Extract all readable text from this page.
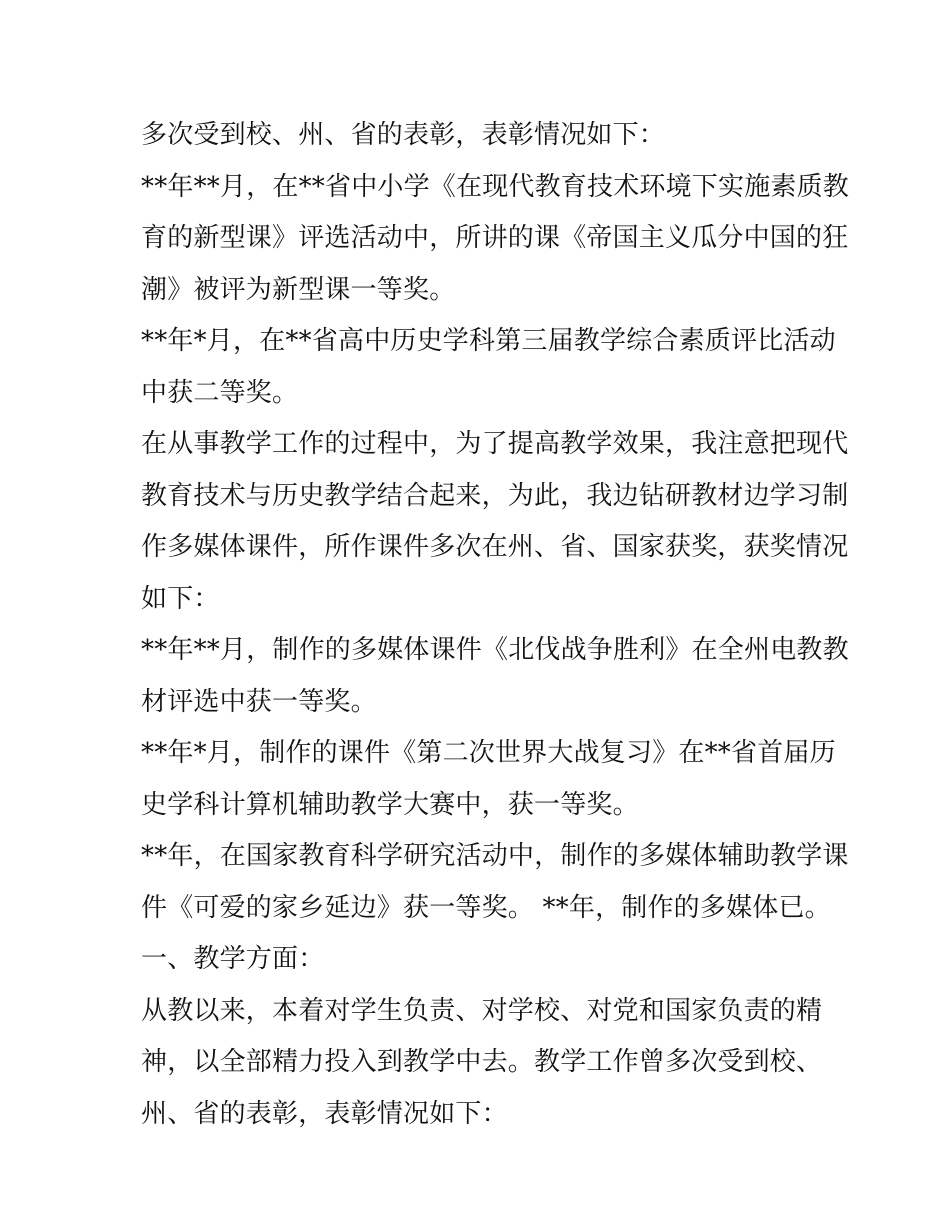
多次受到校、州、省的表彰，表彰情况如下：
**年**月，在**省中小学《在现代教育技术环境下实施素质教
育的新型课》评选活动中，所讲的课《帝国主义瓜分中国的狂
潮》被评为新型课一等奖。
**年*月，在**省高中历史学科第三届教学综合素质评比活动
中获二等奖。
在从事教学工作的过程中，为了提高教学效果，我注意把现代
教育技术与历史教学结合起来，为此，我边钻研教材边学习制
作多媒体课件，所作课件多次在州、省、国家获奖，获奖情况
如下：
**年**月，制作的多媒体课件《北伐战争胜利》在全州电教教
材评选中获一等奖。
**年*月，制作的课件《第二次世界大战复习》在**省首届历
史学科计算机辅助教学大赛中，获一等奖。
**年，在国家教育科学研究活动中，制作的多媒体辅助教学课
件《可爱的家乡延边》获一等奖。 **年，制作的多媒体已。
一、教学方面：
从教以来，本着对学生负责、对学校、对党和国家负责的精
神，以全部精力投入到教学中去。教学工作曾多次受到校、
州、省的表彰，表彰情况如下：
